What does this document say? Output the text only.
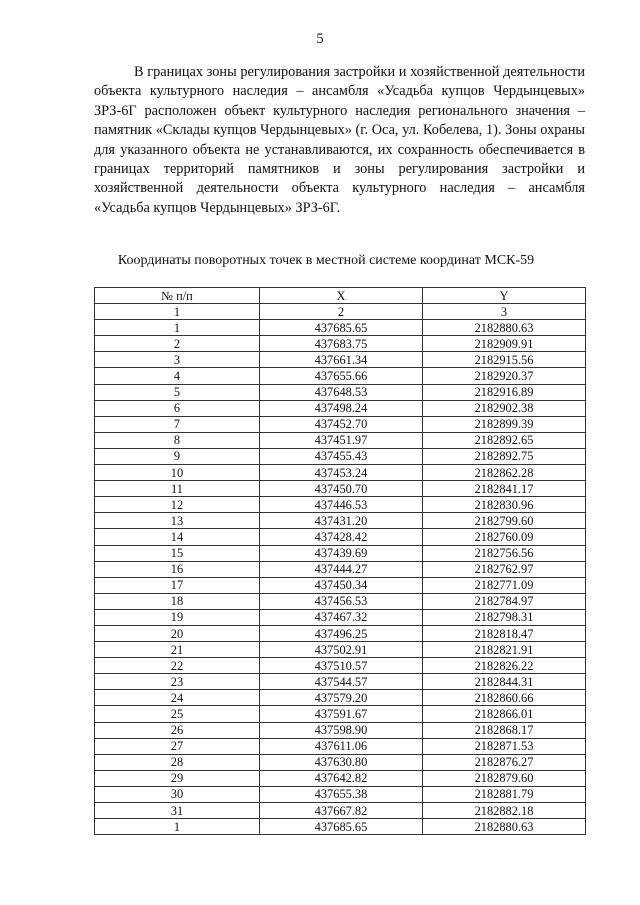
5

В границах зоны регулирования застройки и хозяйственной деятельности объекта культурного наследия – ансамбля «Усадьба купцов Чердынцевых» ЗРЗ-6Г расположен объект культурного наследия регионального значения – памятник «Склады купцов Чердынцевых» (г. Оса, ул. Кобелева, 1). Зоны охраны для указанного объекта не устанавливаются, их сохранность обеспечивается в границах территорий памятников и зоны регулирования застройки и хозяйственной деятельности объекта культурного наследия – ансамбля «Усадьба купцов Чердынцевых» ЗРЗ-6Г.

Координаты поворотных точек в местной системе координат МСК-59

№ п/п	X	Y
1	2	3
1	437685.65	2182880.63
2	437683.75	2182909.91
3	437661.34	2182915.56
4	437655.66	2182920.37
5	437648.53	2182916.89
6	437498.24	2182902.38
7	437452.70	2182899.39
8	437451.97	2182892.65
9	437455.43	2182892.75
10	437453.24	2182862.28
11	437450.70	2182841.17
12	437446.53	2182830.96
13	437431.20	2182799.60
14	437428.42	2182760.09
15	437439.69	2182756.56
16	437444.27	2182762.97
17	437450.34	2182771.09
18	437456.53	2182784.97
19	437467.32	2182798.31
20	437496.25	2182818.47
21	437502.91	2182821.91
22	437510.57	2182826.22
23	437544.57	2182844.31
24	437579.20	2182860.66
25	437591.67	2182866.01
26	437598.90	2182868.17
27	437611.06	2182871.53
28	437630.80	2182876.27
29	437642.82	2182879.60
30	437655.38	2182881.79
31	437667.82	2182882.18
1	437685.65	2182880.63
